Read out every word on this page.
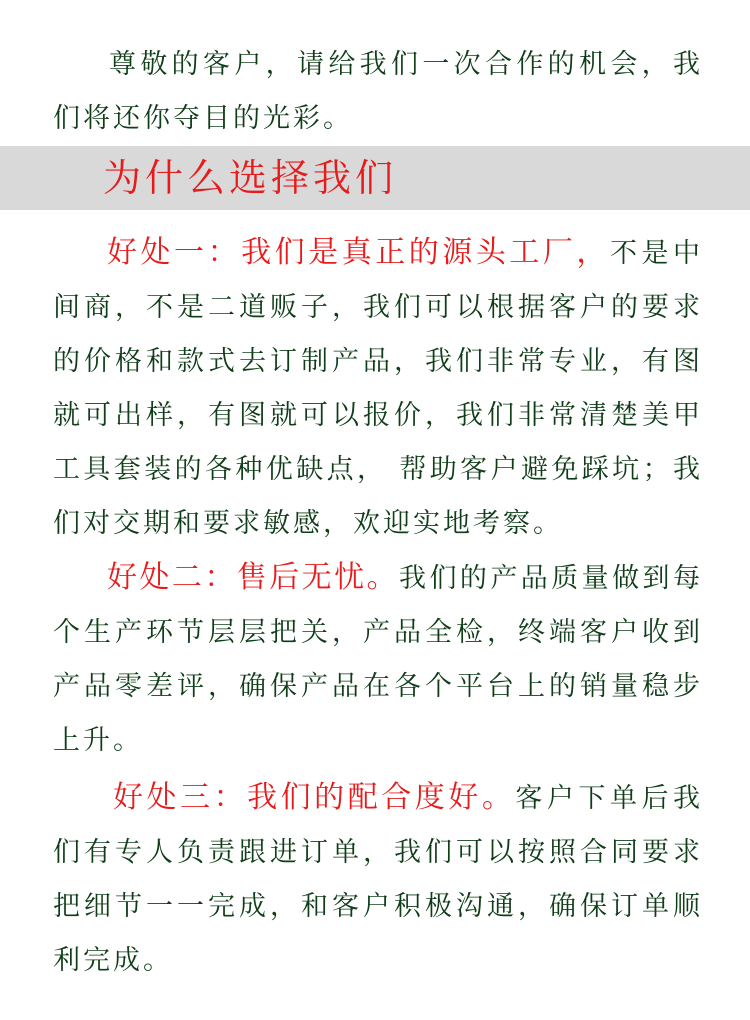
尊敬的客户，请给我们一次合作的机会，我们将还你夺目的光彩。

为什么选择我们

好处一：我们是真正的源头工厂，不是中间商，不是二道贩子，我们可以根据客户的要求的价格和款式去订制产品，我们非常专业，有图就可出样，有图就可以报价，我们非常清楚美甲工具套装的各种优缺点， 帮助客户避免踩坑；我们对交期和要求敏感，欢迎实地考察。

好处二：售后无忧。我们的产品质量做到每个生产环节层层把关，产品全检，终端客户收到产品零差评，确保产品在各个平台上的销量稳步上升。

好处三：我们的配合度好。客户下单后我们有专人负责跟进订单，我们可以按照合同要求把细节一一完成，和客户积极沟通，确保订单顺利完成。
